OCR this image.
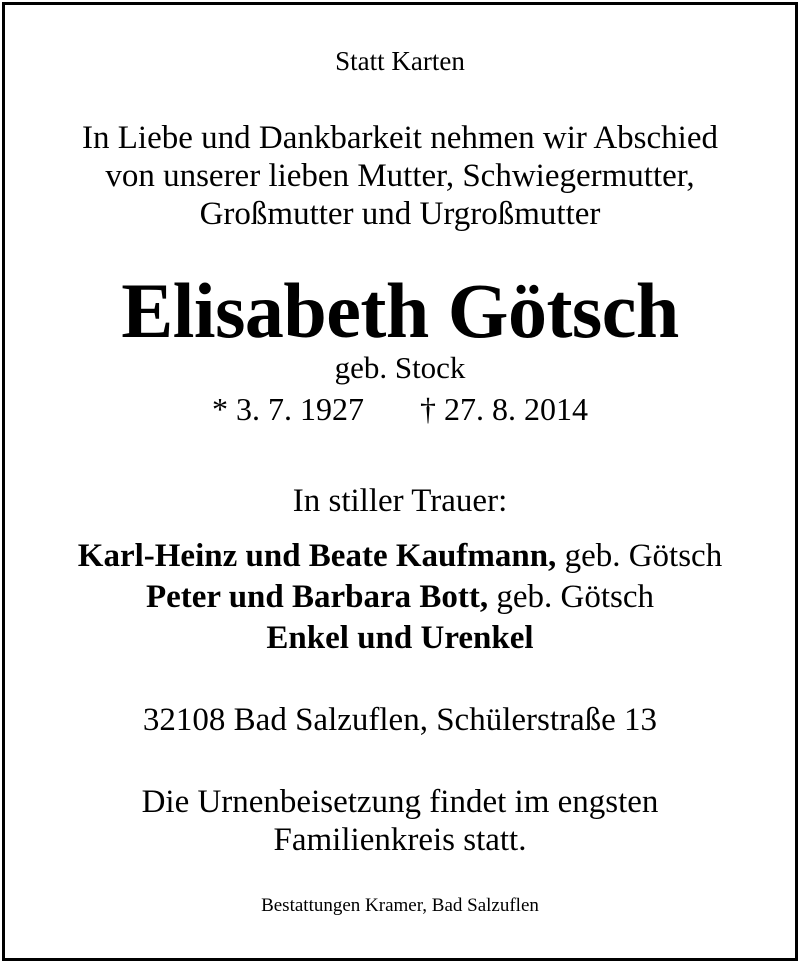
Statt Karten
In Liebe und Dankbarkeit nehmen wir Abschied
von unserer lieben Mutter, Schwiegermutter,
Großmutter und Urgroßmutter
Elisabeth Götsch
geb. Stock
* 3. 7. 1927 † 27. 8. 2014
In stiller Trauer:
Karl-Heinz und Beate Kaufmann, geb. Götsch
Peter und Barbara Bott, geb. Götsch
Enkel und Urenkel
32108 Bad Salzuflen, Schülerstraße 13
Die Urnenbeisetzung findet im engsten
Familienkreis statt.
Bestattungen Kramer, Bad Salzuflen
